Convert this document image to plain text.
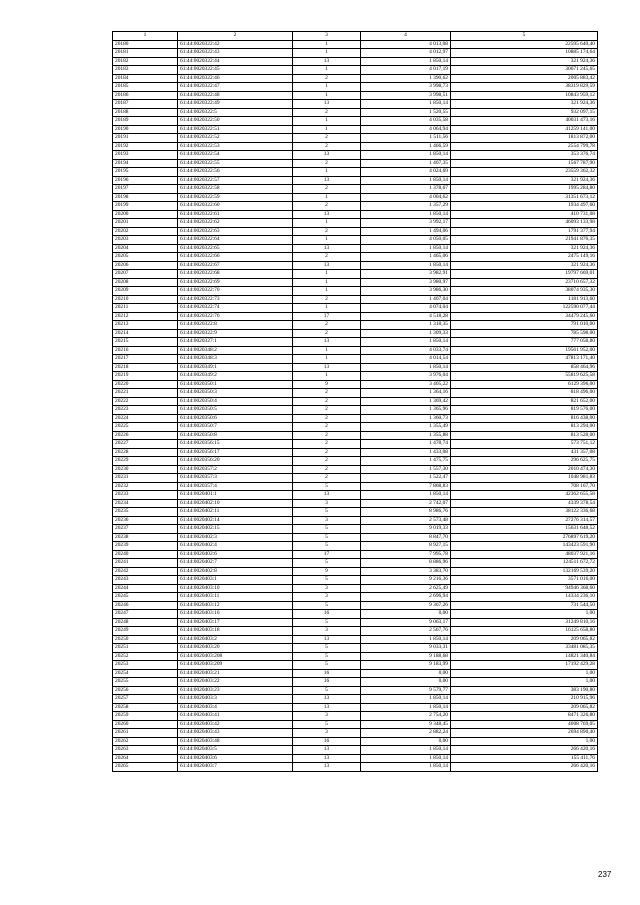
1	2	3	4	5
20180	61:44:0020322:42	1	4 013,08	22595 640,40
20181	61:44:0020322:43	1	4 012,97	10885 174,64
20182	61:44:0020322:44	13	1 850,14	321 924,36
20183	61:44:0020322:45	1	4 017,19	30671 245,65
20184	61:44:0020322:46	2	1 390,62	2005 883,42
20185	61:44:0020322:47	1	3 998,73	38319 829,59
20186	61:44:0020322:48	1	3 998,51	10843 959,12
20187	61:44:0020322:49	13	1 850,14	321 924,36
20188	61:44:0020322:5	2	1 520,55	932 097,15
20189	61:44:0020322:50	1	4 035,58	40031 473,16
20190	61:44:0020322:51	1	4 064,94	41259 141,00
20191	61:44:0020322:52	2	1 511,56	1813 872,00
20192	61:44:0020322:53	2	1 466,59	2554 799,78
20193	61:44:0020322:54	13	1 850,14	353 376,74
20194	61:44:0020322:55	2	1 407,35	1567 787,90
20195	61:44:0020322:56	1	4 024,69	23559 362,32
20196	61:44:0020322:57	13	1 850,14	321 924,36
20197	61:44:0020322:58	2	1 378,67	1995 284,80
20198	61:44:0020322:59	1	4 004,62	31351 673,12
20199	61:44:0020322:60	2	1 357,29	1934 497,60
20200	61:44:0020322:61	13	1 850,14	410 731,08
20201	61:44:0020322:62	1	3 992,17	46093 133,98
20202	61:44:0020322:63	2	1 494,06	1791 377,94
20203	61:44:0020322:64	1	4 050,05	21941 876,35
20204	61:44:0020322:65	13	1 850,14	321 924,36
20205	61:44:0020322:66	2	1 465,06	2475 149,16
20206	61:44:0020322:67	13	1 850,14	321 924,36
20207	61:44:0020322:68	1	3 982,91	19797 669,01
20208	61:44:0020322:69	1	3 980,97	23710 657,32
20209	61:44:0020322:70	1	3 986,30	38074 935,30
20210	61:44:0020322:73	2	1 407,04	1181 913,60
20211	61:44:0020322:74	1	4 074,04	122590 077,44
20212	61:44:0020322:76	17	4 518,28	34479 245,60
20213	61:44:0020322:8	2	1 318,35	791 010,00
20214	61:44:0020322:9	2	1 309,33	785 598,00
20215	61:44:0020327:1	13	1 850,14	777 058,80
20216	61:44:0020348:2	1	4 033,74	19561 952,00
20217	61:44:0020348:3	1	4 014,54	47813 171,40
20218	61:44:0020349:1	13	1 850,14	858 464,96
20219	61:44:0020349:2	1	3 976,04	55819 625,58
20220	61:44:0020350:1	9	3 405,22	6129 396,00
20221	61:44:0020350:3	2	1 364,16	818 496,00
20222	61:44:0020350:4	2	1 369,42	821 652,00
20223	61:44:0020350:5	2	1 365,96	819 576,00
20224	61:44:0020350:6	2	1 360,73	816 438,00
20225	61:44:0020350:7	2	1 355,49	813 294,00
20226	61:44:0020350:8	2	1 355,88	813 528,00
20227	61:44:0020356:15	2	1 478,74	573 751,12
20228	61:44:0020356:17	2	1 433,08	431 357,08
20229	61:44:0020356:20	2	1 475,75	296 625,75
20230	61:44:0020357:2	2	1 557,30	2010 474,30
20231	61:44:0020357:3	2	1 522,47	1048 981,83
20232	61:44:0020357:4	5	7 868,83	708 167,70
20233	61:44:0020401:1	13	1 850,14	42362 655,58
20234	61:44:0020402:10	3	2 742,07	4339 378,54
20235	61:44:0020402:11	5	8 986,76	38122 336,68
20236	61:44:0020402:14	3	2 573,48	27276 314,57
20237	61:44:0020402:15	5	9 019,33	15631 648,52
20238	61:44:0020402:3	5	8 847,70	276897 619,20
20239	61:44:0020402:4	5	8 927,15	143423 591,90
20240	61:44:0020402:6	17	7 995,78	48037 921,16
20241	61:44:0020402:7	5	8 886,96	124511 672,72
20242	61:44:0020402:8	9	3 383,70	132169 539,20
20243	61:44:0020403:1	5	9 216,36	3571 016,00
20244	61:44:0020403:10	3	2 625,49	94946 368,60
20245	61:44:0020403:11	3	2 696,94	14334 236,10
20246	61:44:0020403:12	5	9 367,26	731 544,50
20247	61:44:0020403:16	16	0,00	1,00
20248	61:44:0020403:17	5	9 063,17	31249 810,16
20249	61:44:0020403:18	3	2 567,76	16125 658,80
20250	61:44:0020403:2	13	1 850,14	209 065,82
20251	61:44:0020403:20	5	9 033,31	33481 085,35
20252	61:44:0020403:208	5	9 188,68	14821 340,84
20253	61:44:0020403:209	5	9 183,99	17192 429,28
20254	61:44:0020403:21	16	0,00	1,00
20255	61:44:0020403:22	16	0,00	1,00
20256	61:44:0020403:23	5	9 579,77	383 190,80
20257	61:44:0020403:3	13	1 850,14	210 915,96
20258	61:44:0020403:4	13	1 850,14	209 065,82
20259	61:44:0020403:41	3	2 754,20	8471 326,80
20260	61:44:0020403:42	5	9 348,45	4008 769,05
20261	61:44:0020403:43	3	2 882,24	2694 890,40
20262	61:44:0020403:48	16	0,00	1,00
20263	61:44:0020403:5	13	1 850,14	266 420,16
20264	61:44:0020403:6	13	1 850,14	155 411,76
20265	61:44:0020403:7	13	1 850,14	266 420,16
237
